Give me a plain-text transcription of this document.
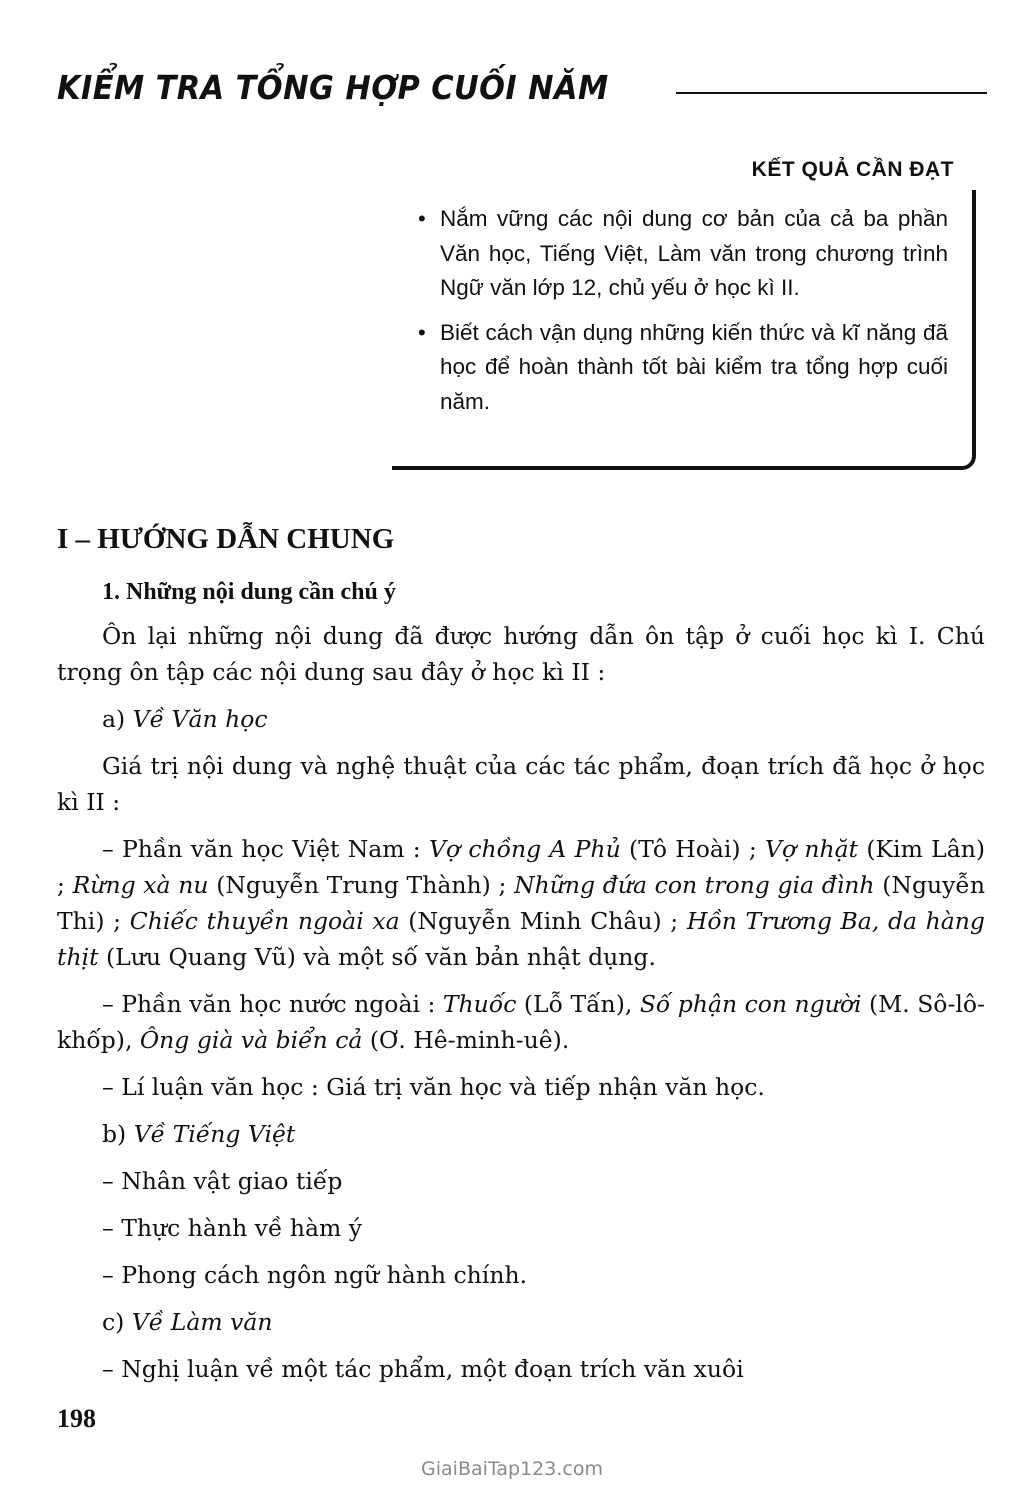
KIỂM TRA TỔNG HỢP CUỐI NĂM
KẾT QUẢ CẦN ĐẠT
• Nắm vững các nội dung cơ bản của cả ba phần Văn học, Tiếng Việt, Làm văn trong chương trình Ngữ văn lớp 12, chủ yếu ở học kì II.
• Biết cách vận dụng những kiến thức và kĩ năng đã học để hoàn thành tốt bài kiểm tra tổng hợp cuối năm.
I – HƯỚNG DẪN CHUNG
1. Những nội dung cần chú ý

Ôn lại những nội dung đã được hướng dẫn ôn tập ở cuối học kì I. Chú trọng ôn tập các nội dung sau đây ở học kì II :

a) Về Văn học

Giá trị nội dung và nghệ thuật của các tác phẩm, đoạn trích đã học ở học kì II :

– Phần văn học Việt Nam : Vợ chồng A Phủ (Tô Hoài) ; Vợ nhặt (Kim Lân) ; Rừng xà nu (Nguyễn Trung Thành) ; Những đứa con trong gia đình (Nguyễn Thi) ; Chiếc thuyền ngoài xa (Nguyễn Minh Châu) ; Hồn Trương Ba, da hàng thịt (Lưu Quang Vũ) và một số văn bản nhật dụng.

– Phần văn học nước ngoài : Thuốc (Lỗ Tấn), Số phận con người (M. Sô-lô-khốp), Ông già và biển cả (Ơ. Hê-minh-uê).

– Lí luận văn học : Giá trị văn học và tiếp nhận văn học.

b) Về Tiếng Việt

– Nhân vật giao tiếp

– Thực hành về hàm ý

– Phong cách ngôn ngữ hành chính.

c) Về Làm văn

– Nghị luận về một tác phẩm, một đoạn trích văn xuôi

198
GiaiBaiTap123.com
